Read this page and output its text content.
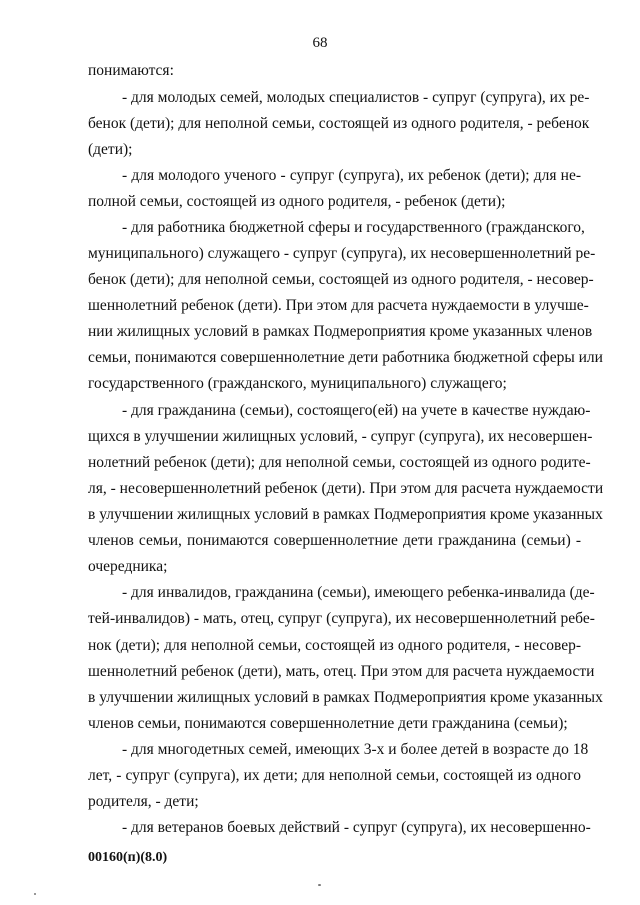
68
понимаются:
- для молодых семей, молодых специалистов - супруг (супруга), их ре-
бенок (дети); для неполной семьи, состоящей из одного родителя, - ребенок
(дети);
- для молодого ученого - супруг (супруга), их ребенок (дети); для не-
полной семьи, состоящей из одного родителя, - ребенок (дети);
- для работника бюджетной сферы и государственного (гражданского,
муниципального) служащего - супруг (супруга), их несовершеннолетний ре-
бенок (дети); для неполной семьи, состоящей из одного родителя, - несовер-
шеннолетний ребенок (дети). При этом для расчета нуждаемости в улучше-
нии жилищных условий в рамках Подмероприятия кроме указанных членов
семьи, понимаются совершеннолетние дети работника бюджетной сферы или
государственного (гражданского, муниципального) служащего;
- для гражданина (семьи), состоящего(ей) на учете в качестве нуждаю-
щихся в улучшении жилищных условий, - супруг (супруга), их несовершен-
нолетний ребенок (дети); для неполной семьи, состоящей из одного родите-
ля, - несовершеннолетний ребенок (дети). При этом для расчета нуждаемости
в улучшении жилищных условий в рамках Подмероприятия кроме указанных
членов семьи, понимаются совершеннолетние дети гражданина (семьи) -
очередника;
- для инвалидов, гражданина (семьи), имеющего ребенка-инвалида (де-
тей-инвалидов) - мать, отец, супруг (супруга), их несовершеннолетний ребе-
нок (дети); для неполной семьи, состоящей из одного родителя, - несовер-
шеннолетний ребенок (дети), мать, отец. При этом для расчета нуждаемости
в улучшении жилищных условий в рамках Подмероприятия кроме указанных
членов семьи, понимаются совершеннолетние дети гражданина (семьи);
- для многодетных семей, имеющих 3-х и более детей в возрасте до 18
лет, - супруг (супруга), их дети; для неполной семьи, состоящей из одного
родителя, - дети;
- для ветеранов боевых действий - супруг (супруга), их несовершенно-
00160(п)(8.0)
